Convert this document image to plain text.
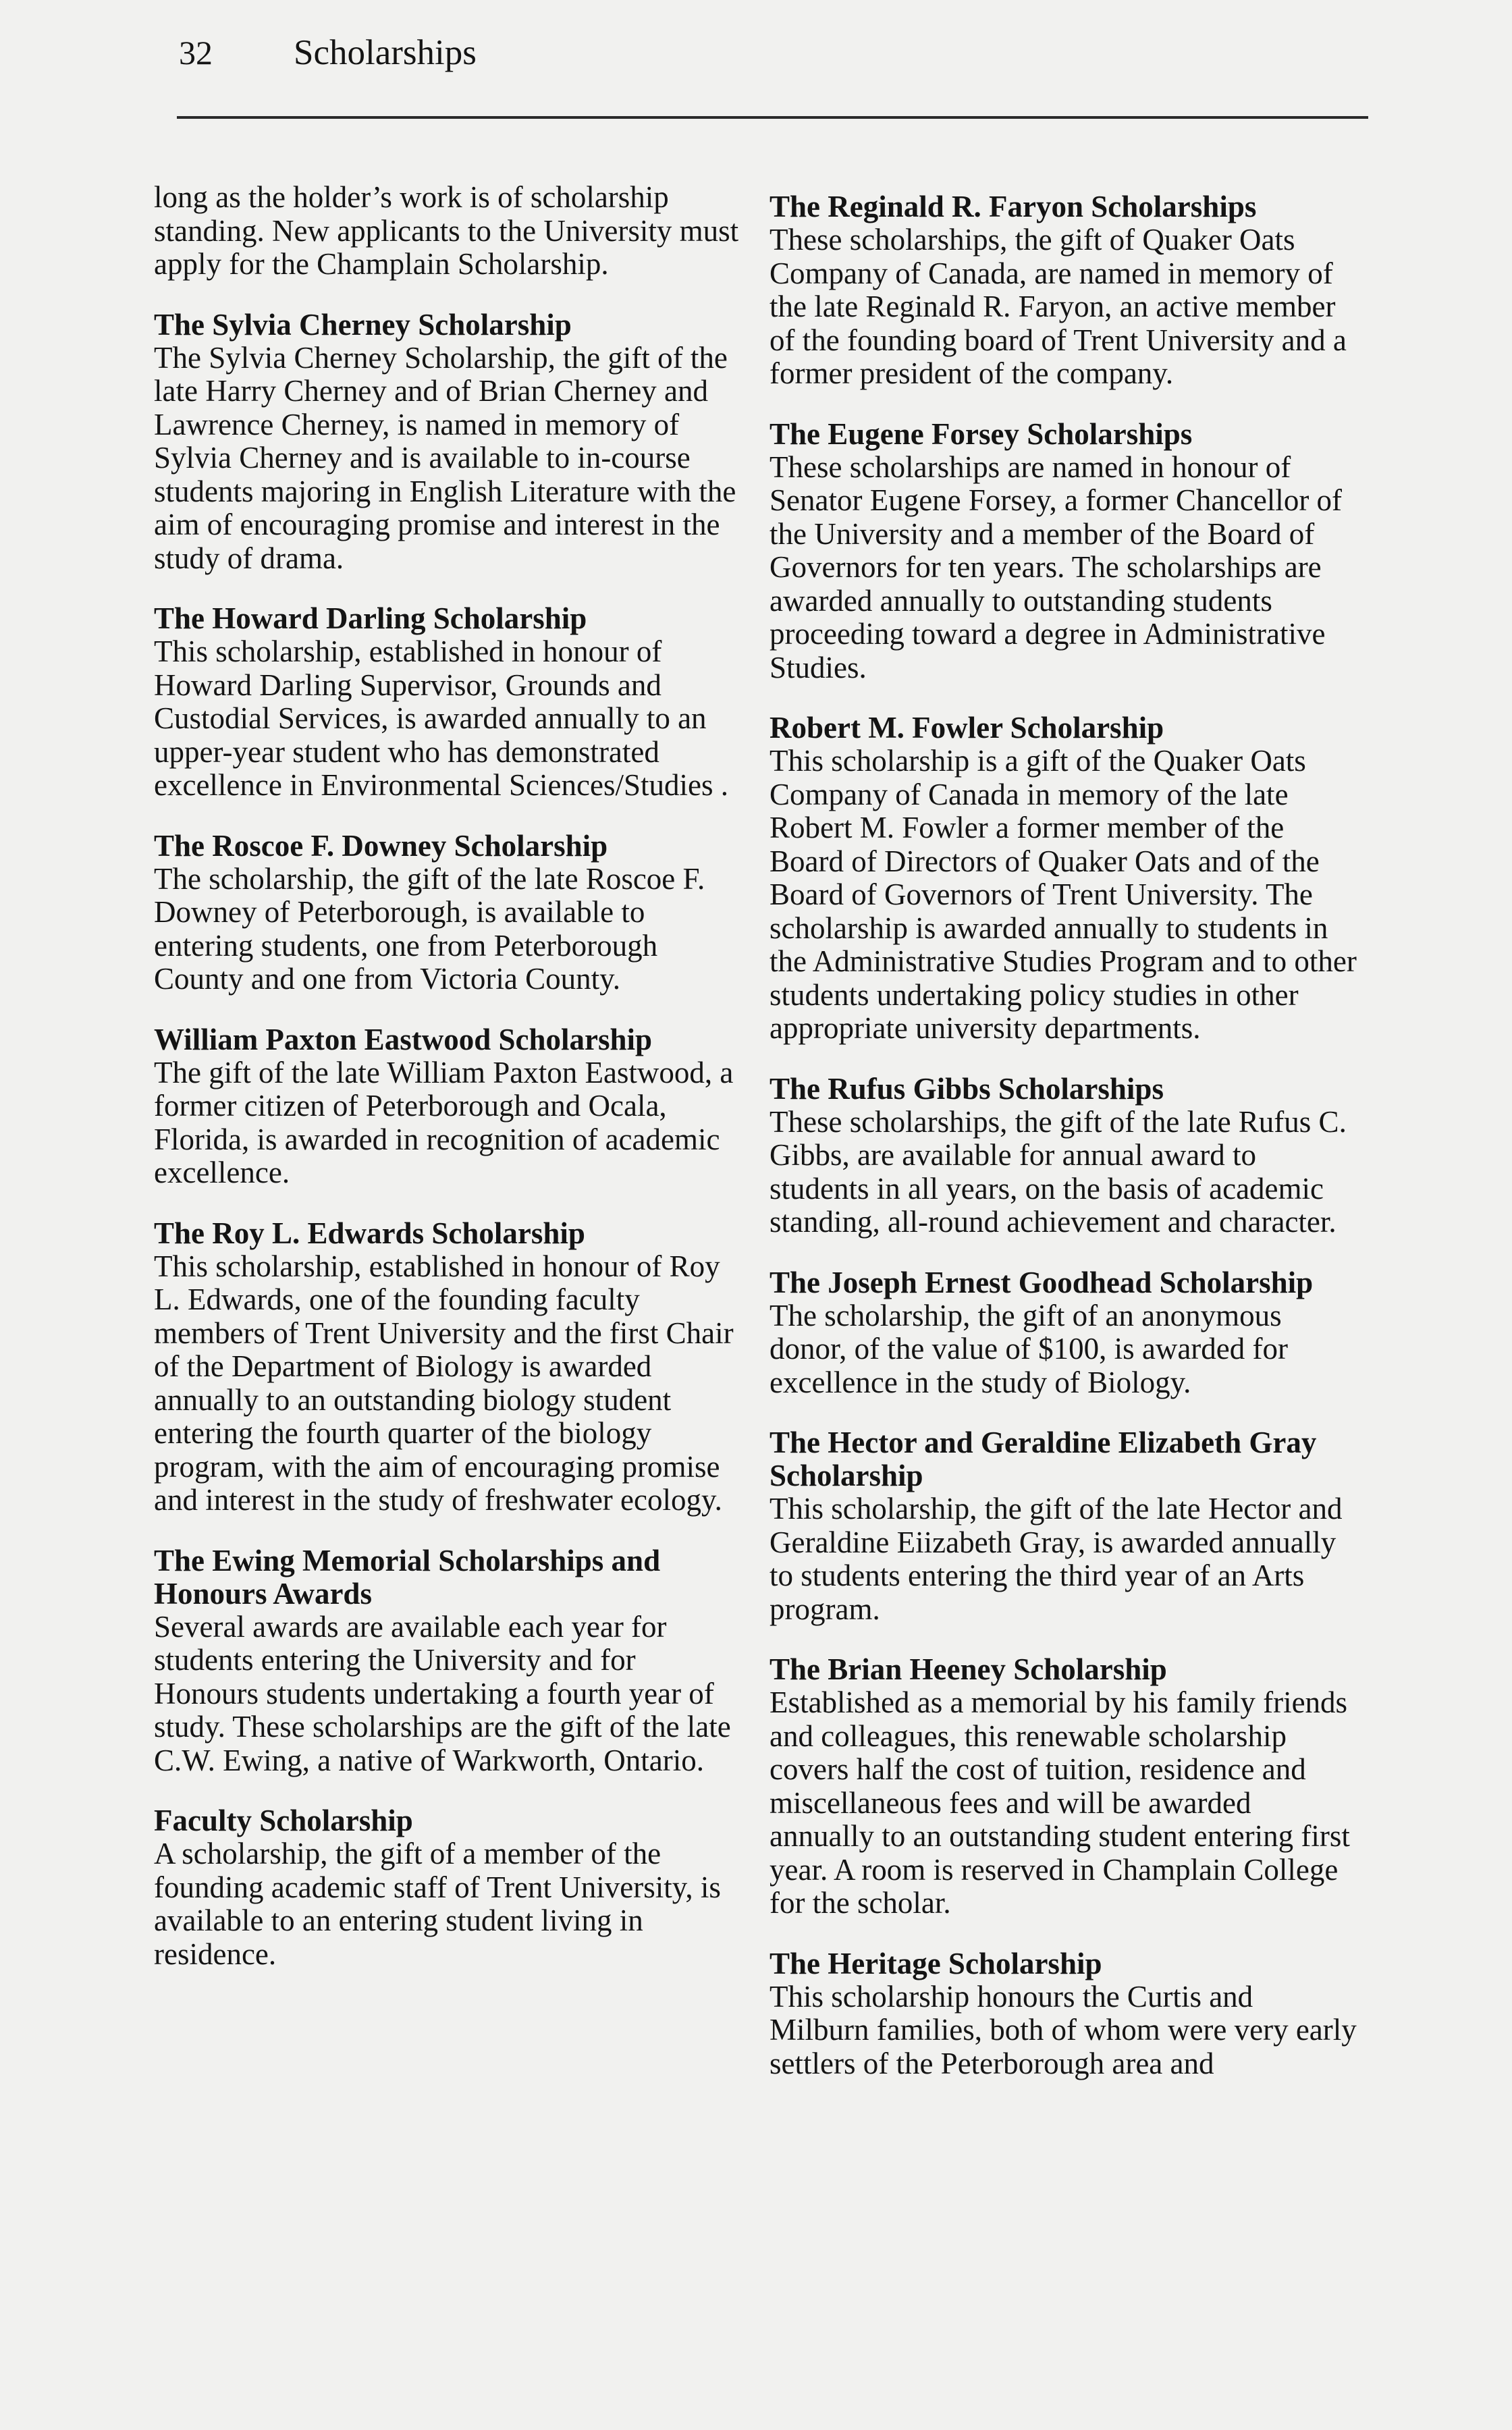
32	Scholarships

long as the holder’s work is of scholarship standing. New applicants to the University must apply for the Champlain Scholarship.

The Sylvia Cherney Scholarship

The Sylvia Cherney Scholarship, the gift of the late Harry Cherney and of Brian Cherney and Lawrence Cherney, is named in memory of Sylvia Cherney and is available to in-course students majoring in English Literature with the aim of encouraging promise and interest in the study of drama.

The Howard Darling Scholarship

This scholarship, established in honour of Howard Darling Supervisor, Grounds and Custodial Services, is awarded annually to an upper-year student who has demonstrated excellence in Environmental Sciences/Studies .

The Roscoe F. Downey Scholarship

The scholarship, the gift of the late Roscoe F. Downey of Peterborough, is available to entering students, one from Peterborough County and one from Victoria County.

William Paxton Eastwood Scholarship

The gift of the late William Paxton Eastwood, a former citizen of Peterborough and Ocala, Florida, is awarded in recognition of academic excellence.

The Roy L. Edwards Scholarship

This scholarship, established in honour of Roy L. Edwards, one of the founding faculty members of Trent University and the first Chair of the Department of Biology is awarded annually to an outstanding biology student entering the fourth quarter of the biology program, with the aim of encouraging promise and interest in the study of freshwater ecology.

The Ewing Memorial Scholarships and Honours Awards

Several awards are available each year for students entering the University and for Honours students undertaking a fourth year of study. These scholarships are the gift of the late C.W. Ewing, a native of Warkworth, Ontario.

Faculty Scholarship

A scholarship, the gift of a member of the founding academic staff of Trent University, is available to an entering student living in residence.

The Reginald R. Faryon Scholarships

These scholarships, the gift of Quaker Oats Company of Canada, are named in memory of the late Reginald R. Faryon, an active member of the founding board of Trent University and a former president of the company.

The Eugene Forsey Scholarships

These scholarships are named in honour of Senator Eugene Forsey, a former Chancellor of the University and a member of the Board of Governors for ten years. The scholarships are awarded annually to outstanding students proceeding toward a degree in Administrative Studies.

Robert M. Fowler Scholarship

This scholarship is a gift of the Quaker Oats Company of Canada in memory of the late Robert M. Fowler a former member of the Board of Directors of Quaker Oats and of the Board of Governors of Trent University. The scholarship is awarded annually to students in the Administrative Studies Program and to other students undertaking policy studies in other appropriate university departments.

The Rufus Gibbs Scholarships

These scholarships, the gift of the late Rufus C. Gibbs, are available for annual award to students in all years, on the basis of academic standing, all-round achievement and character.

The Joseph Ernest Goodhead Scholarship

The scholarship, the gift of an anonymous donor, of the value of $100, is awarded for excellence in the study of Biology.

The Hector and Geraldine Elizabeth Gray Scholarship

This scholarship, the gift of the late Hector and Geraldine Eiizabeth Gray, is awarded annually to students entering the third year of an Arts program.

The Brian Heeney Scholarship

Established as a memorial by his family friends and colleagues, this renewable scholarship covers half the cost of tuition, residence and miscellaneous fees and will be awarded annually to an outstanding student entering first year. A room is reserved in Champlain College for the scholar.

The Heritage Scholarship

This scholarship honours the Curtis and Milburn families, both of whom were very early settlers of the Peterborough area and
